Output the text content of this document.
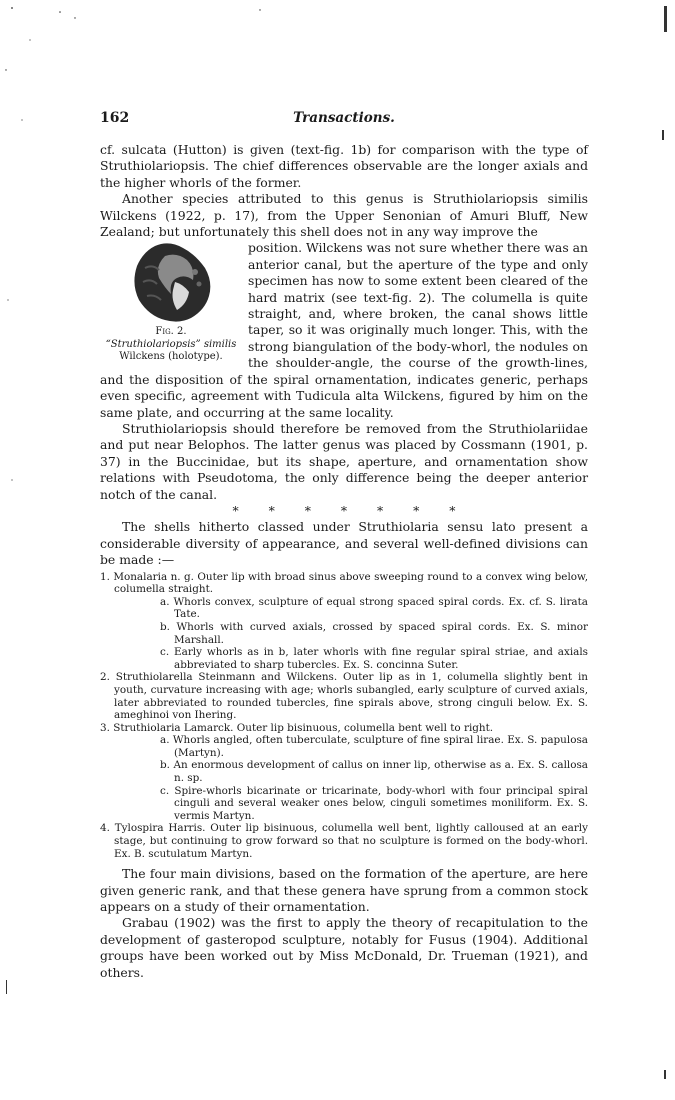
162	Transactions.

cf. sulcata (Hutton) is given (text-fig. 1b) for comparison with the type of Struthiolariopsis. The chief differences observable are the longer axials and the higher whorls of the former.

Another species attributed to this genus is Struthiolariopsis similis Wilckens (1922, p. 17), from the Upper Senonian of Amuri Bluff, New Zealand; but unfortunately this shell does not in any way improve the

Fig. 2.
“Struthiolariopsis” similis
Wilckens (holotype).

position. Wilckens was not sure whether there was an anterior canal, but the aperture of the type and only specimen has now to some extent been cleared of the hard matrix (see text-fig. 2). The columella is quite straight, and, where broken, the canal shows little taper, so it was originally much longer. This, with the strong biangulation of the body-whorl, the nodules on the shoulder-angle, the course of the growth-lines, and the disposition of the spiral ornamentation, indicates generic, perhaps even specific, agreement with Tudicula alta Wilckens, figured by him on the same plate, and occurring at the same locality.

Struthiolariopsis should therefore be removed from the Struthiolariidae and put near Belophos. The latter genus was placed by Cossmann (1901, p. 37) in the Buccinidae, but its shape, aperture, and ornamentation show relations with Pseudotoma, the only difference being the deeper anterior notch of the canal.

* * * * * * *

The shells hitherto classed under Struthiolaria sensu lato present a considerable diversity of appearance, and several well-defined divisions can be made :—

1. Monalaria n. g. Outer lip with broad sinus above sweeping round to a convex wing below, columella straight.

a. Whorls convex, sculpture of equal strong spaced spiral cords. Ex. cf. S. lirata Tate.

b. Whorls with curved axials, crossed by spaced spiral cords. Ex. S. minor Marshall.

c. Early whorls as in b, later whorls with fine regular spiral striae, and axials abbreviated to sharp tubercles. Ex. S. concinna Suter.

2. Struthiolarella Steinmann and Wilckens. Outer lip as in 1, columella slightly bent in youth, curvature increasing with age; whorls subangled, early sculpture of curved axials, later abbreviated to rounded tubercles, fine spirals above, strong cinguli below. Ex. S. ameghinoi von Ihering.

3. Struthiolaria Lamarck. Outer lip bisinuous, columella bent well to right.

a. Whorls angled, often tuberculate, sculpture of fine spiral lirae. Ex. S. papulosa (Martyn).

b. An enormous development of callus on inner lip, otherwise as a. Ex. S. callosa n. sp.

c. Spire-whorls bicarinate or tricarinate, body-whorl with four principal spiral cinguli and several weaker ones below, cinguli sometimes moniliform. Ex. S. vermis Martyn.

4. Tylospira Harris. Outer lip bisinuous, columella well bent, lightly calloused at an early stage, but continuing to grow forward so that no sculpture is formed on the body-whorl. Ex. B. scutulatum Martyn.

The four main divisions, based on the formation of the aperture, are here given generic rank, and that these genera have sprung from a common stock appears on a study of their ornamentation.

Grabau (1902) was the first to apply the theory of recapitulation to the development of gasteropod sculpture, notably for Fusus (1904). Additional groups have been worked out by Miss McDonald, Dr. Trueman (1921), and others.
